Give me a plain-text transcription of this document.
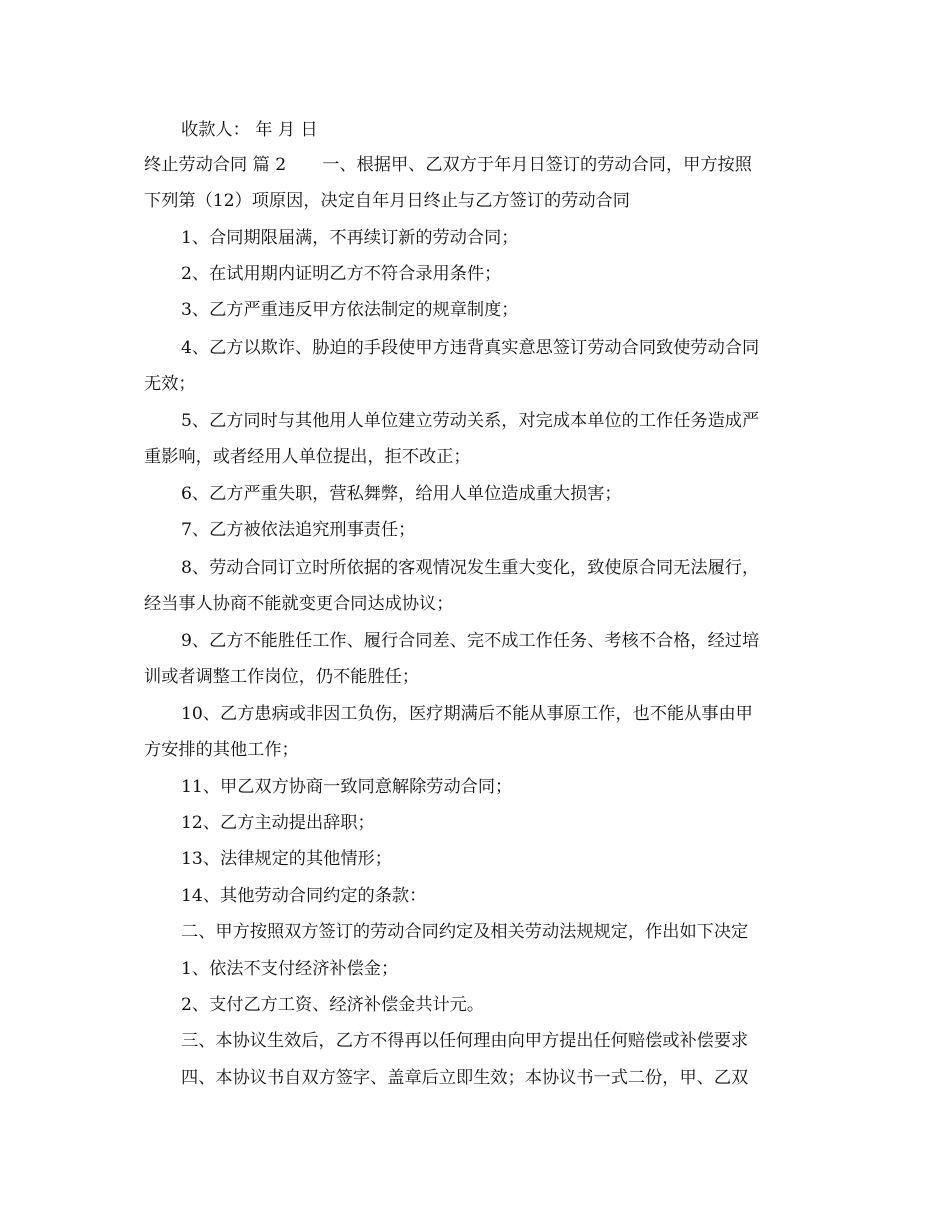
收款人： 年 月 日
终止劳动合同 篇 2 一、根据甲、乙双方于年月日签订的劳动合同，甲方按照
下列第（12）项原因，决定自年月日终止与乙方签订的劳动合同
1、合同期限届满，不再续订新的劳动合同；
2、在试用期内证明乙方不符合录用条件；
3、乙方严重违反甲方依法制定的规章制度；
4、乙方以欺诈、胁迫的手段使甲方违背真实意思签订劳动合同致使劳动合同
无效；
5、乙方同时与其他用人单位建立劳动关系，对完成本单位的工作任务造成严
重影响，或者经用人单位提出，拒不改正；
6、乙方严重失职，营私舞弊，给用人单位造成重大损害；
7、乙方被依法追究刑事责任；
8、劳动合同订立时所依据的客观情况发生重大变化，致使原合同无法履行，
经当事人协商不能就变更合同达成协议；
9、乙方不能胜任工作、履行合同差、完不成工作任务、考核不合格，经过培
训或者调整工作岗位，仍不能胜任；
10、乙方患病或非因工负伤，医疗期满后不能从事原工作，也不能从事由甲
方安排的其他工作；
11、甲乙双方协商一致同意解除劳动合同；
12、乙方主动提出辞职；
13、法律规定的其他情形；
14、其他劳动合同约定的条款：
二、甲方按照双方签订的劳动合同约定及相关劳动法规规定，作出如下决定
1、依法不支付经济补偿金；
2、支付乙方工资、经济补偿金共计元。
三、本协议生效后，乙方不得再以任何理由向甲方提出任何赔偿或补偿要求
四、本协议书自双方签字、盖章后立即生效；本协议书一式二份，甲、乙双
